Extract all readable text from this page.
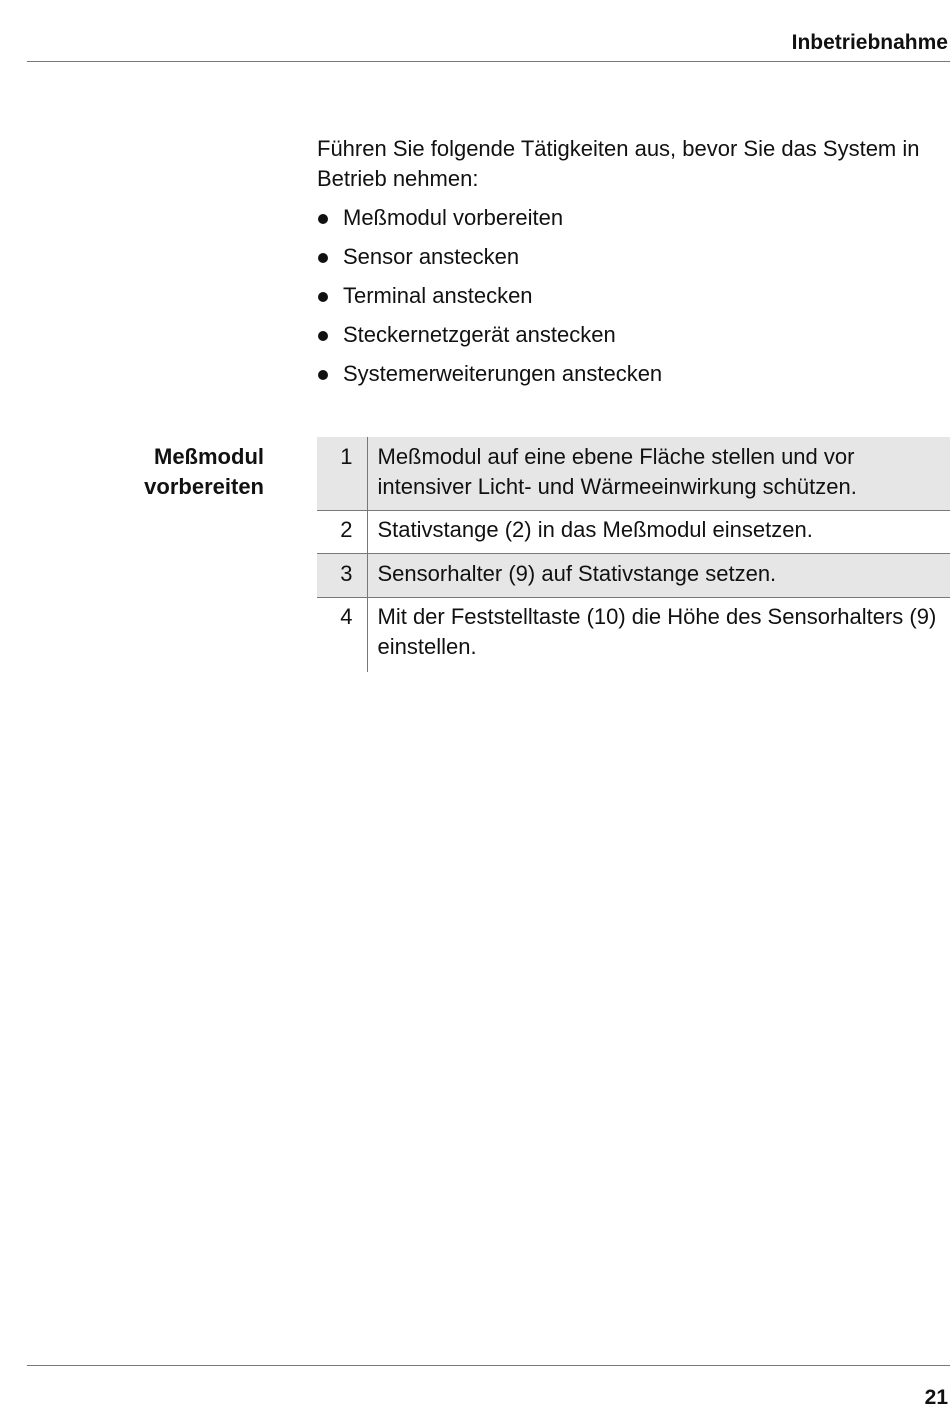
Inbetriebnahme

Führen Sie folgende Tätigkeiten aus, bevor Sie das System in Betrieb nehmen:

Meßmodul vorbereiten
Sensor anstecken
Terminal anstecken
Steckernetzgerät anstecken
Systemerweiterungen anstecken
Meßmodul
vorbereiten
1	Meßmodul auf eine ebene Fläche stellen und vor intensiver Licht- und Wärmeeinwirkung schützen.
2	Stativstange (2) in das Meßmodul einsetzen.
3	Sensorhalter (9) auf Stativstange setzen.
4	Mit der Feststelltaste (10) die Höhe des Sensorhalters (9) einstellen.
21
